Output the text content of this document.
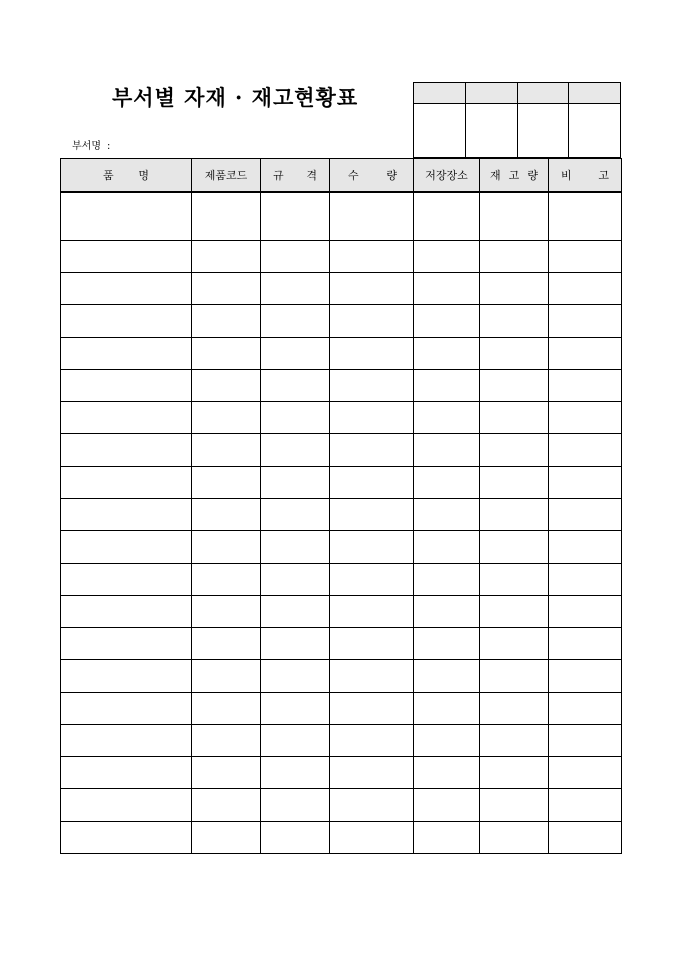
부서별 자재 · 재고현황표
부서명 :

품 명	제품코드	규 격	수 량	저장장소	재 고 량	비 고
